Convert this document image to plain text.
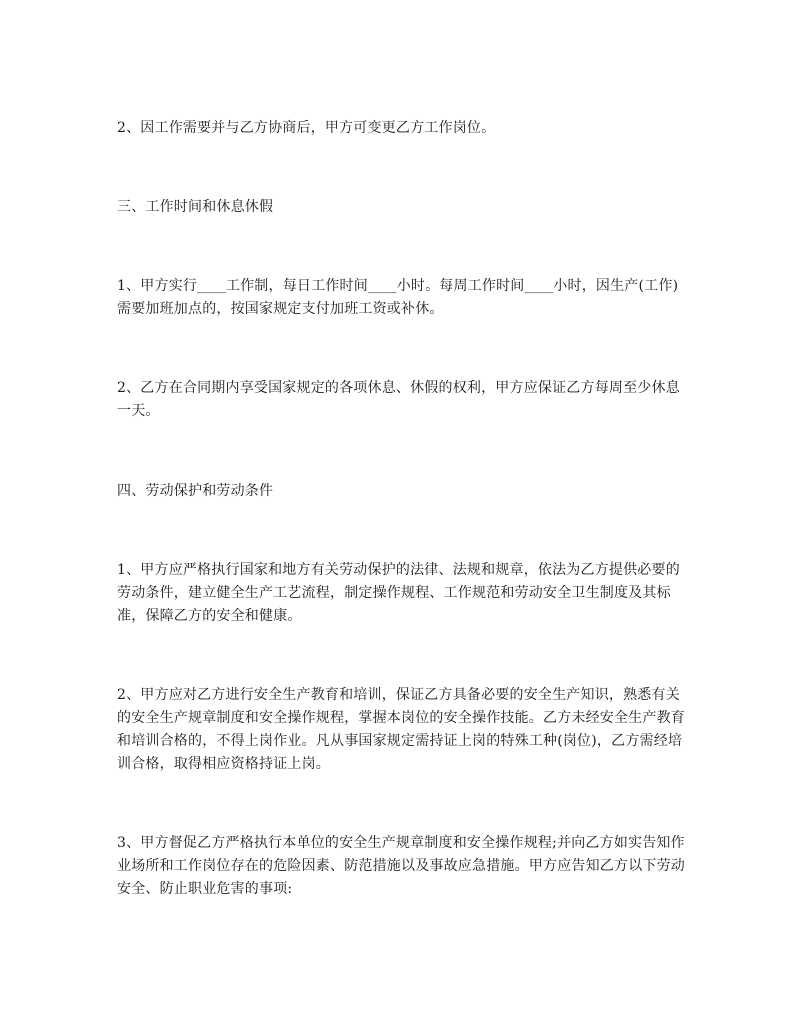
2、因工作需要并与乙方协商后，甲方可变更乙方工作岗位。

三、工作时间和休息休假

1、甲方实行____工作制，每日工作时间____小时。每周工作时间____小时，因生产(工作)需要加班加点的，按国家规定支付加班工资或补休。

2、乙方在合同期内享受国家规定的各项休息、休假的权利，甲方应保证乙方每周至少休息一天。

四、劳动保护和劳动条件

1、甲方应严格执行国家和地方有关劳动保护的法律、法规和规章，依法为乙方提供必要的劳动条件，建立健全生产工艺流程，制定操作规程、工作规范和劳动安全卫生制度及其标准，保障乙方的安全和健康。

2、甲方应对乙方进行安全生产教育和培训，保证乙方具备必要的安全生产知识，熟悉有关的安全生产规章制度和安全操作规程，掌握本岗位的安全操作技能。乙方未经安全生产教育和培训合格的，不得上岗作业。凡从事国家规定需持证上岗的特殊工种(岗位)，乙方需经培训合格，取得相应资格持证上岗。

3、甲方督促乙方严格执行本单位的安全生产规章制度和安全操作规程;并向乙方如实告知作业场所和工作岗位存在的危险因素、防范措施以及事故应急措施。甲方应告知乙方以下劳动安全、防止职业危害的事项:
